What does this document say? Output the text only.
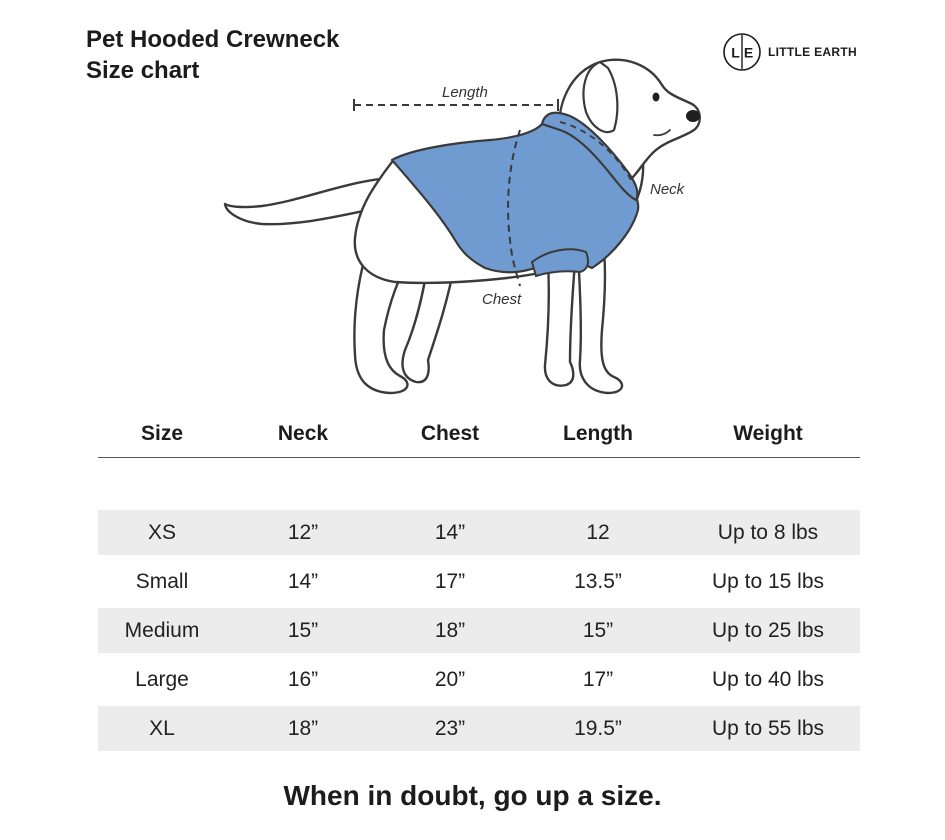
Pet Hooded Crewneck
Size chart
L E LITTLE EARTH
Length
Neck
Chest
Size	Neck	Chest	Length	Weight
XS	12”	14”	12	Up to 8 lbs
Small	14”	17”	13.5”	Up to 15 lbs
Medium	15”	18”	15”	Up to 25 lbs
Large	16”	20”	17”	Up to 40 lbs
XL	18”	23”	19.5”	Up to 55 lbs
When in doubt, go up a size.
